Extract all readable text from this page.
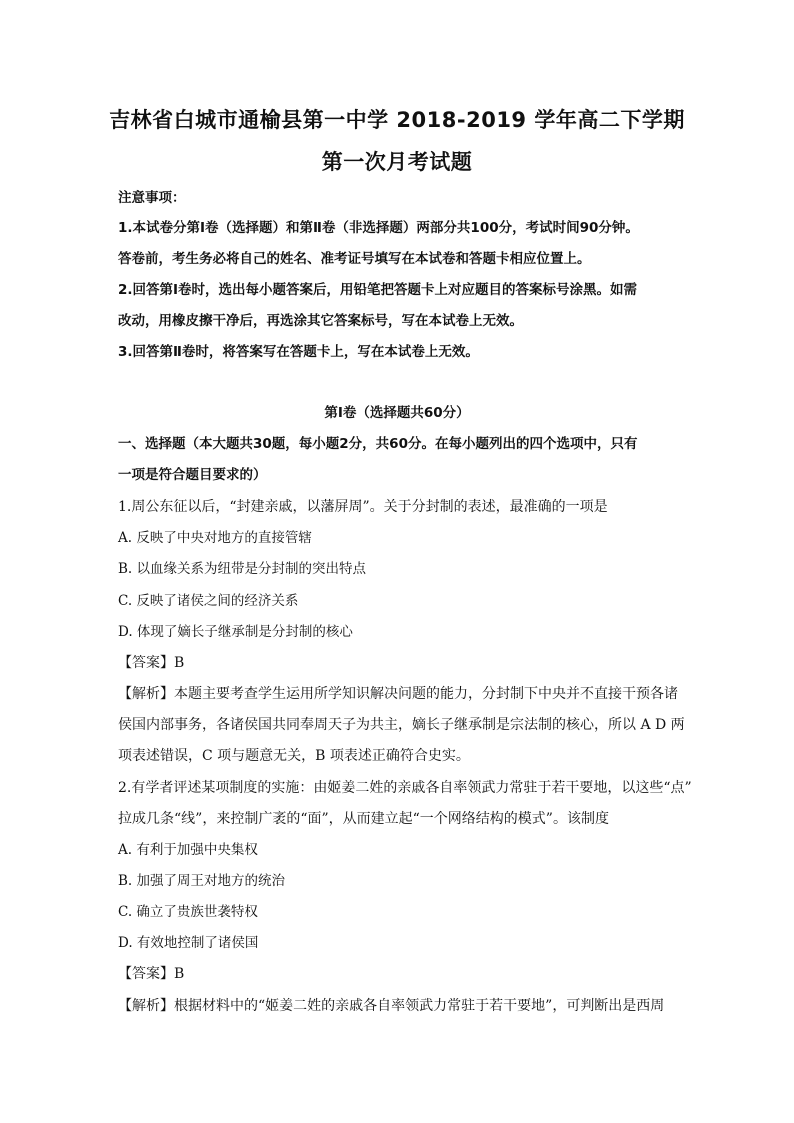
吉林省白城市通榆县第一中学 2018-2019 学年高二下学期
第一次月考试题
注意事项：
1.本试卷分第Ⅰ卷（选择题）和第Ⅱ卷（非选择题）两部分共100分，考试时间90分钟。
答卷前，考生务必将自己的姓名、准考证号填写在本试卷和答题卡相应位置上。
2.回答第Ⅰ卷时，选出每小题答案后，用铅笔把答题卡上对应题目的答案标号涂黑。如需
改动，用橡皮擦干净后，再选涂其它答案标号，写在本试卷上无效。
3.回答第Ⅱ卷时，将答案写在答题卡上，写在本试卷上无效。
第Ⅰ卷（选择题共60分）
一、选择题（本大题共30题，每小题2分，共60分。在每小题列出的四个选项中，只有
一项是符合题目要求的）
1.周公东征以后，“封建亲戚，以藩屏周”。关于分封制的表述，最准确的一项是
A. 反映了中央对地方的直接管辖
B. 以血缘关系为纽带是分封制的突出特点
C. 反映了诸侯之间的经济关系
D. 体现了嫡长子继承制是分封制的核心
【答案】B
【解析】本题主要考查学生运用所学知识解决问题的能力，分封制下中央并不直接干预各诸
侯国内部事务，各诸侯国共同奉周天子为共主，嫡长子继承制是宗法制的核心，所以 A D 两
项表述错误，C 项与题意无关，B 项表述正确符合史实。
2.有学者评述某项制度的实施：由姬姜二姓的亲戚各自率领武力常驻于若干要地，以这些“点”
拉成几条“线”，来控制广袤的“面”，从而建立起“一个网络结构的模式”。该制度
A. 有利于加强中央集权
B. 加强了周王对地方的统治
C. 确立了贵族世袭特权
D. 有效地控制了诸侯国
【答案】B
【解析】根据材料中的“姬姜二姓的亲戚各自率领武力常驻于若干要地”，可判断出是西周
